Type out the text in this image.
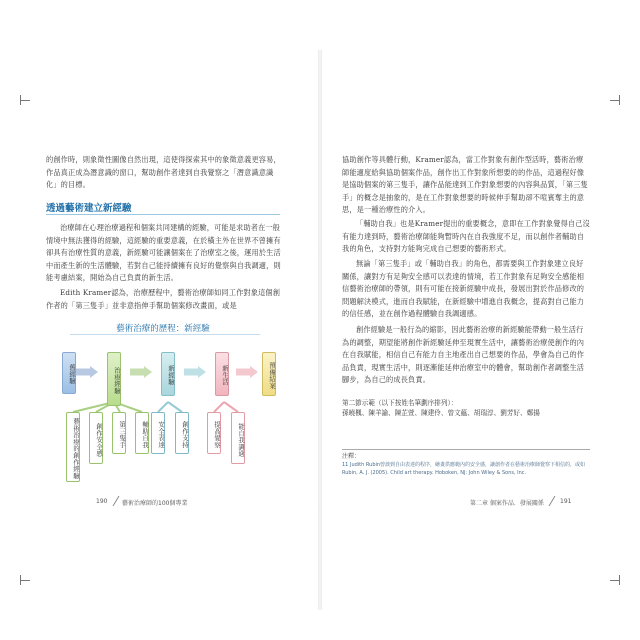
的創作時，則象徵性圖像自然出現，這使得探索其中的象徵意義更容易，作品真正成為潛意識的窗口，幫助創作者達到自我覺察之「潛意識意識化」的目標。

透過藝術建立新經驗

治療師在心理治療過程和個案共同建構的經驗，可能是求助者在一般情境中無法獲得的經驗，這經驗的重要意義，在於橫主外在世界不曾擁有卻具有治療性質的意義，新經驗可能讓個案在了治療室之後，運用於生活中而產生新的生活體驗，若對自己能持續擁有良好的覺察與自我調適，則能考慮結案，開始為自己負責的新生活。

Edith Kramer認為，治療歷程中，藝術治療師如同工作對象這個創作者的「第三隻手」並非意指伸手幫助個案修改畫面，或是

藝術治療的歷程：新經驗
舊經驗	治療經驗	新經驗	新生活	預備結案
藝術治療的創作經驗	創作安全感	第三隻手	輔助自我	安全表達	創作支持	提高覺察	能自我調適
190 藝術治療師的100個專業

協助創作等具體行動，Kramer認為，當工作對象有創作型活時，藝術治療師能適度給與協助個案作品，創作出工作對象所想要的的作品，這過程好像是協助個案的第三隻手，讓作品能達到工作對象想要的內容與品質，「第三隻手」的概念是抽象的，是在工作對象想要的時候伸手幫助卻不喧賓奪主的意思，是一種治療性的介入。

「輔助自我」也是Kramer提出的重要概念，意即在工作對象覺得自己沒有能力達到時，藝術治療師能夠暫時內在自我強度不足，而以創作者輔助自我的角色，支持對方能夠完成自己想要的藝術形式。

無論「第三隻手」或「輔助自我」的角色，都需要與工作對象建立良好關係，讓對方有足夠安全感可以表達的情境，若工作對象有足夠安全感能相信藝術治療師的帶領，則有可能在接新經驗中成長，發展出對於作品修改的問題解決模式，進而自我賦能，在新經驗中增進自我概念，提高對自己能力的信任感，並在創作過程體驗自我調適感。

創作經驗是一般行為的縮影，因此藝術治療的新經驗能帶動一般生活行為的調整，期望能將創作新經驗延伸至現實生活中，讓藝術治療使創作的內在自我賦能，相信自己有能力自主地產出自己想要的作品，學會為自己的作品負責，現實生活中，則逐漸能延伸治療室中的體會，幫助創作者調整生活腳步，為自己的成長負責。

第二節示範（以下按姓名筆劃序排列）：

孫曉楓、陳羊諭、陳芷萱、陳建伶、曾文蘊、胡瑞淳、劉芳好、鄭揚

注釋：

11 Judith Rubin曾談到自由表達的程序，繪畫供應範內的安全感，讓創作者在藝術治療師覺察下相信的，或如Rubin, A. J. (2005). Child art therapy. Hoboken, NJ: John Wiley & Sons, Inc.

第二章 個案作品．發展關係	191
